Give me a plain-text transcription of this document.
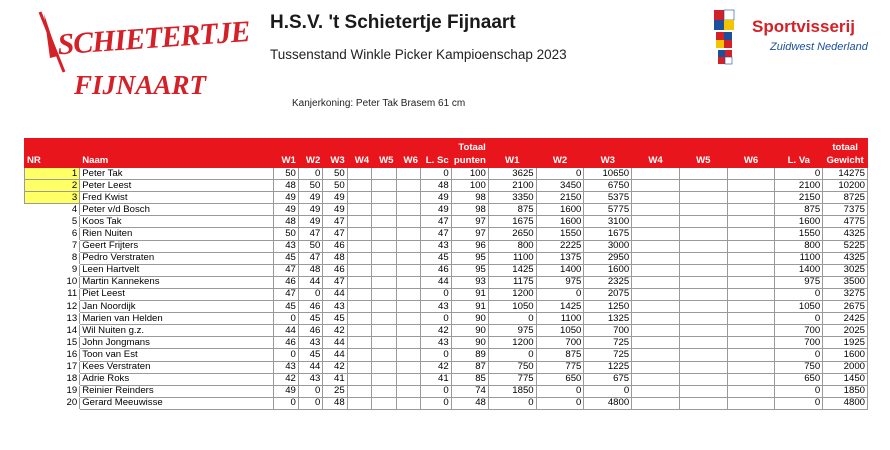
SCHIETERTJE
FIJNAART
H.S.V. 't Schietertje Fijnaart
Tussenstand Winkle Picker Kampioenschap 2023
Kanjerkoning: Peter Tak Brasem 61 cm
Sportvisserij
Zuidwest Nederland
									Totaal								totaal
NR	Naam	W1	W2	W3	W4	W5	W6	L. Sc	punten	W1	W2	W3	W4	W5	W6	L. Va	Gewicht
1	Peter Tak	50	0	50				0	100	3625	0	10650				0	14275
2	Peter Leest	48	50	50				48	100	2100	3450	6750				2100	10200
3	Fred Kwist	49	49	49				49	98	3350	2150	5375				2150	8725
4	Peter v/d Bosch	49	49	49				49	98	875	1600	5775				875	7375
5	Koos Tak	48	49	47				47	97	1675	1600	3100				1600	4775
6	Rien Nuiten	50	47	47				47	97	2650	1550	1675				1550	4325
7	Geert Frijters	43	50	46				43	96	800	2225	3000				800	5225
8	Pedro Verstraten	45	47	48				45	95	1100	1375	2950				1100	4325
9	Leen Hartvelt	47	48	46				46	95	1425	1400	1600				1400	3025
10	Martin Kannekens	46	44	47				44	93	1175	975	2325				975	3500
11	Piet Leest	47	0	44				0	91	1200	0	2075				0	3275
12	Jan Noordijk	45	46	43				43	91	1050	1425	1250				1050	2675
13	Marien van Helden	0	45	45				0	90	0	1100	1325				0	2425
14	Wil Nuiten g.z.	44	46	42				42	90	975	1050	700				700	2025
15	John Jongmans	46	43	44				43	90	1200	700	725				700	1925
16	Toon van Est	0	45	44				0	89	0	875	725				0	1600
17	Kees Verstraten	43	44	42				42	87	750	775	1225				750	2000
18	Adrie Roks	42	43	41				41	85	775	650	675				650	1450
19	Reinier Reinders	49	0	25				0	74	1850	0	0				0	1850
20	Gerard Meeuwisse	0	0	48				0	48	0	0	4800				0	4800
